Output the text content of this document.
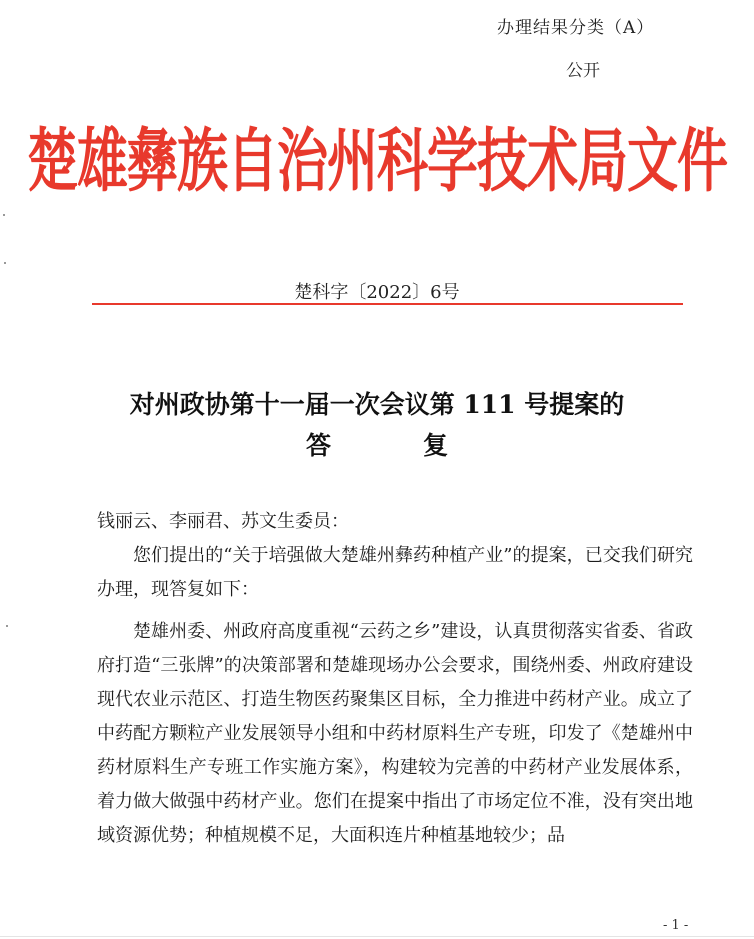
办理结果分类（A）
公开
楚雄彝族自治州科学技术局文件
楚科字〔2022〕6号
对州政协第十一届一次会议第 111 号提案的
答	复
钱丽云、李丽君、苏文生委员：
您们提出的“关于培强做大楚雄州彝药种植产业”的提案，已交我们研究办理，现答复如下：
楚雄州委、州政府高度重视“云药之乡”建设，认真贯彻落实省委、省政府打造“三张牌”的决策部署和楚雄现场办公会要求，围绕州委、州政府建设现代农业示范区、打造生物医药聚集区目标，全力推进中药材产业。成立了中药配方颗粒产业发展领导小组和中药材原料生产专班，印发了《楚雄州中药材原料生产专班工作实施方案》，构建较为完善的中药材产业发展体系，着力做大做强中药材产业。您们在提案中指出了市场定位不准，没有突出地域资源优势；种植规模不足，大面积连片种植基地较少；品
- 1 -
